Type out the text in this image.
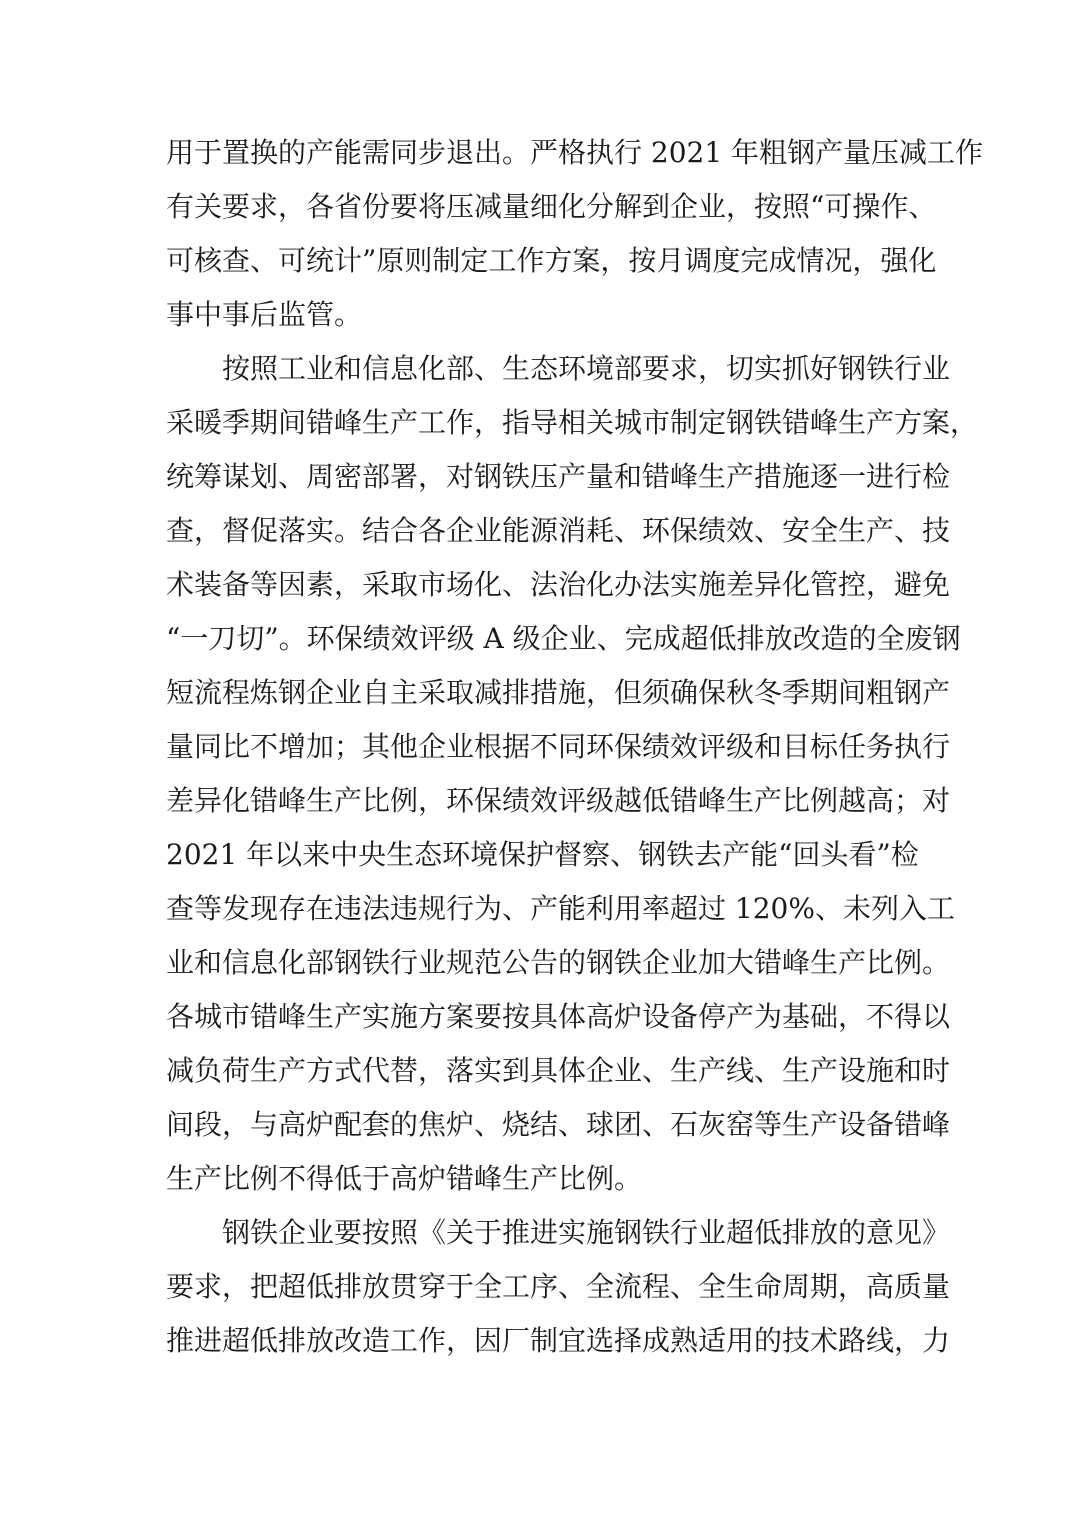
用于置换的产能需同步退出。严格执行 2021 年粗钢产量压减工作
有关要求，各省份要将压减量细化分解到企业，按照“可操作、
可核查、可统计”原则制定工作方案，按月调度完成情况，强化
事中事后监管。
按照工业和信息化部、生态环境部要求，切实抓好钢铁行业
采暖季期间错峰生产工作，指导相关城市制定钢铁错峰生产方案，
统筹谋划、周密部署，对钢铁压产量和错峰生产措施逐一进行检
查，督促落实。结合各企业能源消耗、环保绩效、安全生产、技
术装备等因素，采取市场化、法治化办法实施差异化管控，避免
“一刀切”。环保绩效评级 A 级企业、完成超低排放改造的全废钢
短流程炼钢企业自主采取减排措施，但须确保秋冬季期间粗钢产
量同比不增加；其他企业根据不同环保绩效评级和目标任务执行
差异化错峰生产比例，环保绩效评级越低错峰生产比例越高；对
2021 年以来中央生态环境保护督察、钢铁去产能“回头看”检
查等发现存在违法违规行为、产能利用率超过 120%、未列入工
业和信息化部钢铁行业规范公告的钢铁企业加大错峰生产比例。
各城市错峰生产实施方案要按具体高炉设备停产为基础，不得以
减负荷生产方式代替，落实到具体企业、生产线、生产设施和时
间段，与高炉配套的焦炉、烧结、球团、石灰窑等生产设备错峰
生产比例不得低于高炉错峰生产比例。
钢铁企业要按照《关于推进实施钢铁行业超低排放的意见》
要求，把超低排放贯穿于全工序、全流程、全生命周期，高质量
推进超低排放改造工作，因厂制宜选择成熟适用的技术路线，力
